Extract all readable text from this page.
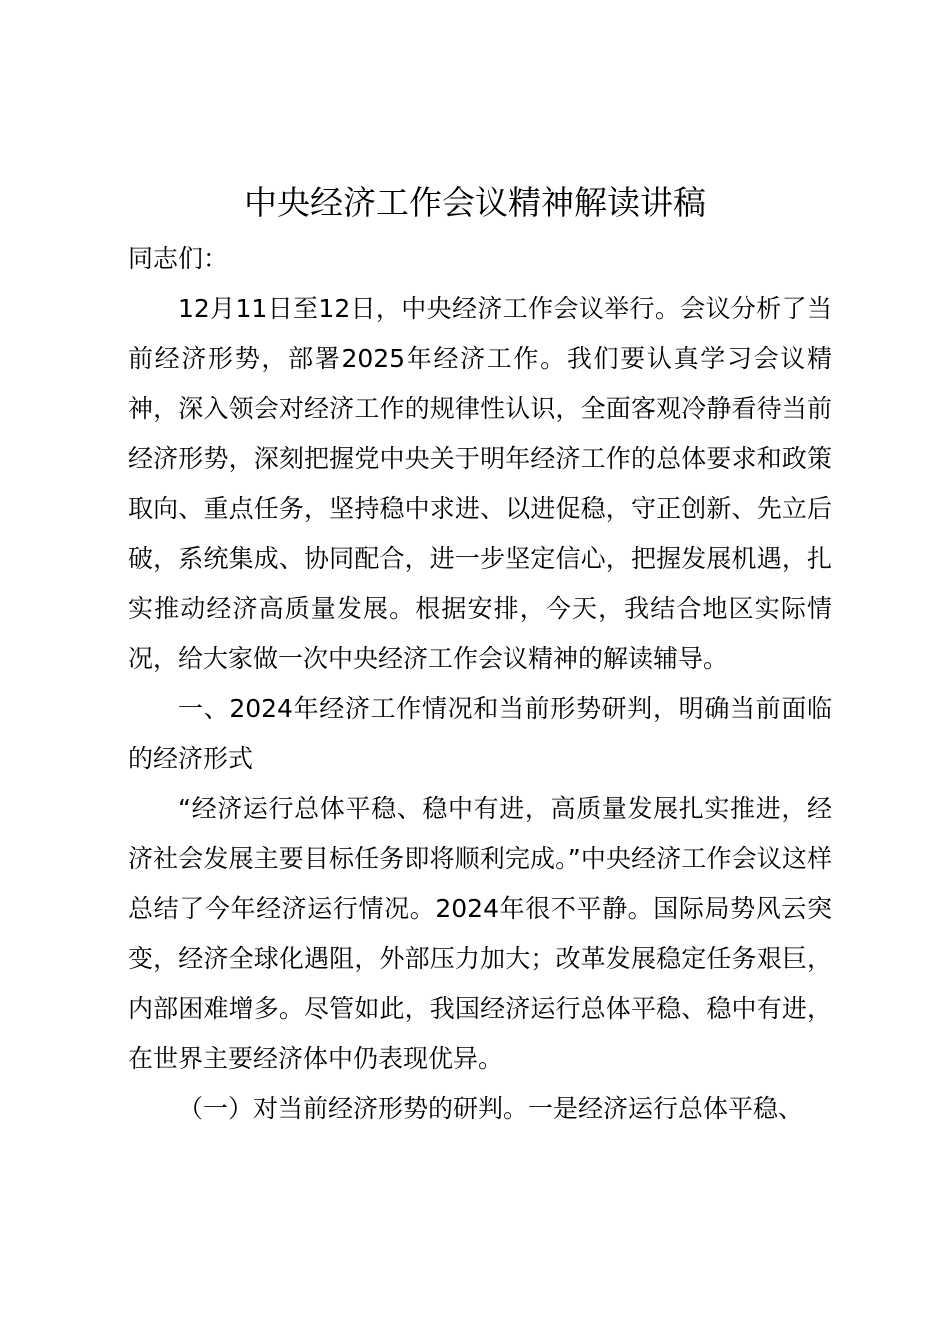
中央经济工作会议精神解读讲稿

同志们：

12月11日至12日，中央经济工作会议举行。会议分析了当前经济形势，部署2025年经济工作。我们要认真学习会议精神，深入领会对经济工作的规律性认识，全面客观冷静看待当前经济形势，深刻把握党中央关于明年经济工作的总体要求和政策取向、重点任务，坚持稳中求进、以进促稳，守正创新、先立后破，系统集成、协同配合，进一步坚定信心，把握发展机遇，扎实推动经济高质量发展。根据安排，今天，我结合地区实际情况，给大家做一次中央经济工作会议精神的解读辅导。

一、2024年经济工作情况和当前形势研判，明确当前面临的经济形式

“经济运行总体平稳、稳中有进，高质量发展扎实推进，经济社会发展主要目标任务即将顺利完成。”中央经济工作会议这样总结了今年经济运行情况。2024年很不平静。国际局势风云突变，经济全球化遇阻，外部压力加大；改革发展稳定任务艰巨，内部困难增多。尽管如此，我国经济运行总体平稳、稳中有进，在世界主要经济体中仍表现优异。

（一）对当前经济形势的研判。一是经济运行总体平稳、
